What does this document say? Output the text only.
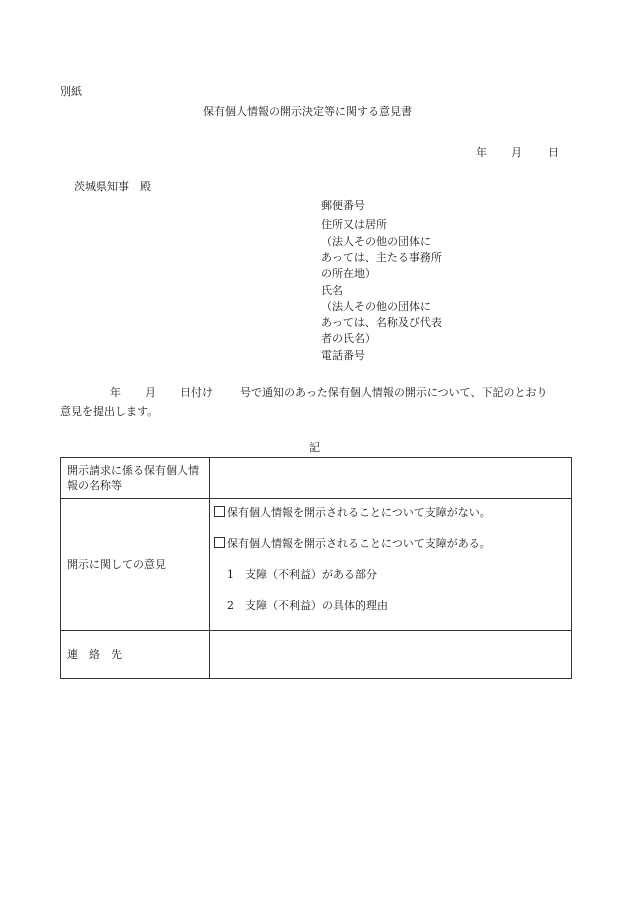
別紙
保有個人情報の開示決定等に関する意見書
年 月 日
茨城県知事　殿
郵便番号
住所又は居所
（法人その他の団体に
あっては、主たる事務所
の所在地）
氏名
（法人その他の団体に
あっては、名称及び代表
者の氏名）
電話番号
年 月 日付け 号で通知のあった保有個人情報の開示について、下記のとおり
意見を提出します。
記
開示請求に係る保有個人情報の名称等	
開示に関しての意見	保有個人情報を開示されることについて支障がない。
保有個人情報を開示されることについて支障がある。
1　支障（不利益）がある部分
2　支障（不利益）の具体的理由

連　絡　先	
